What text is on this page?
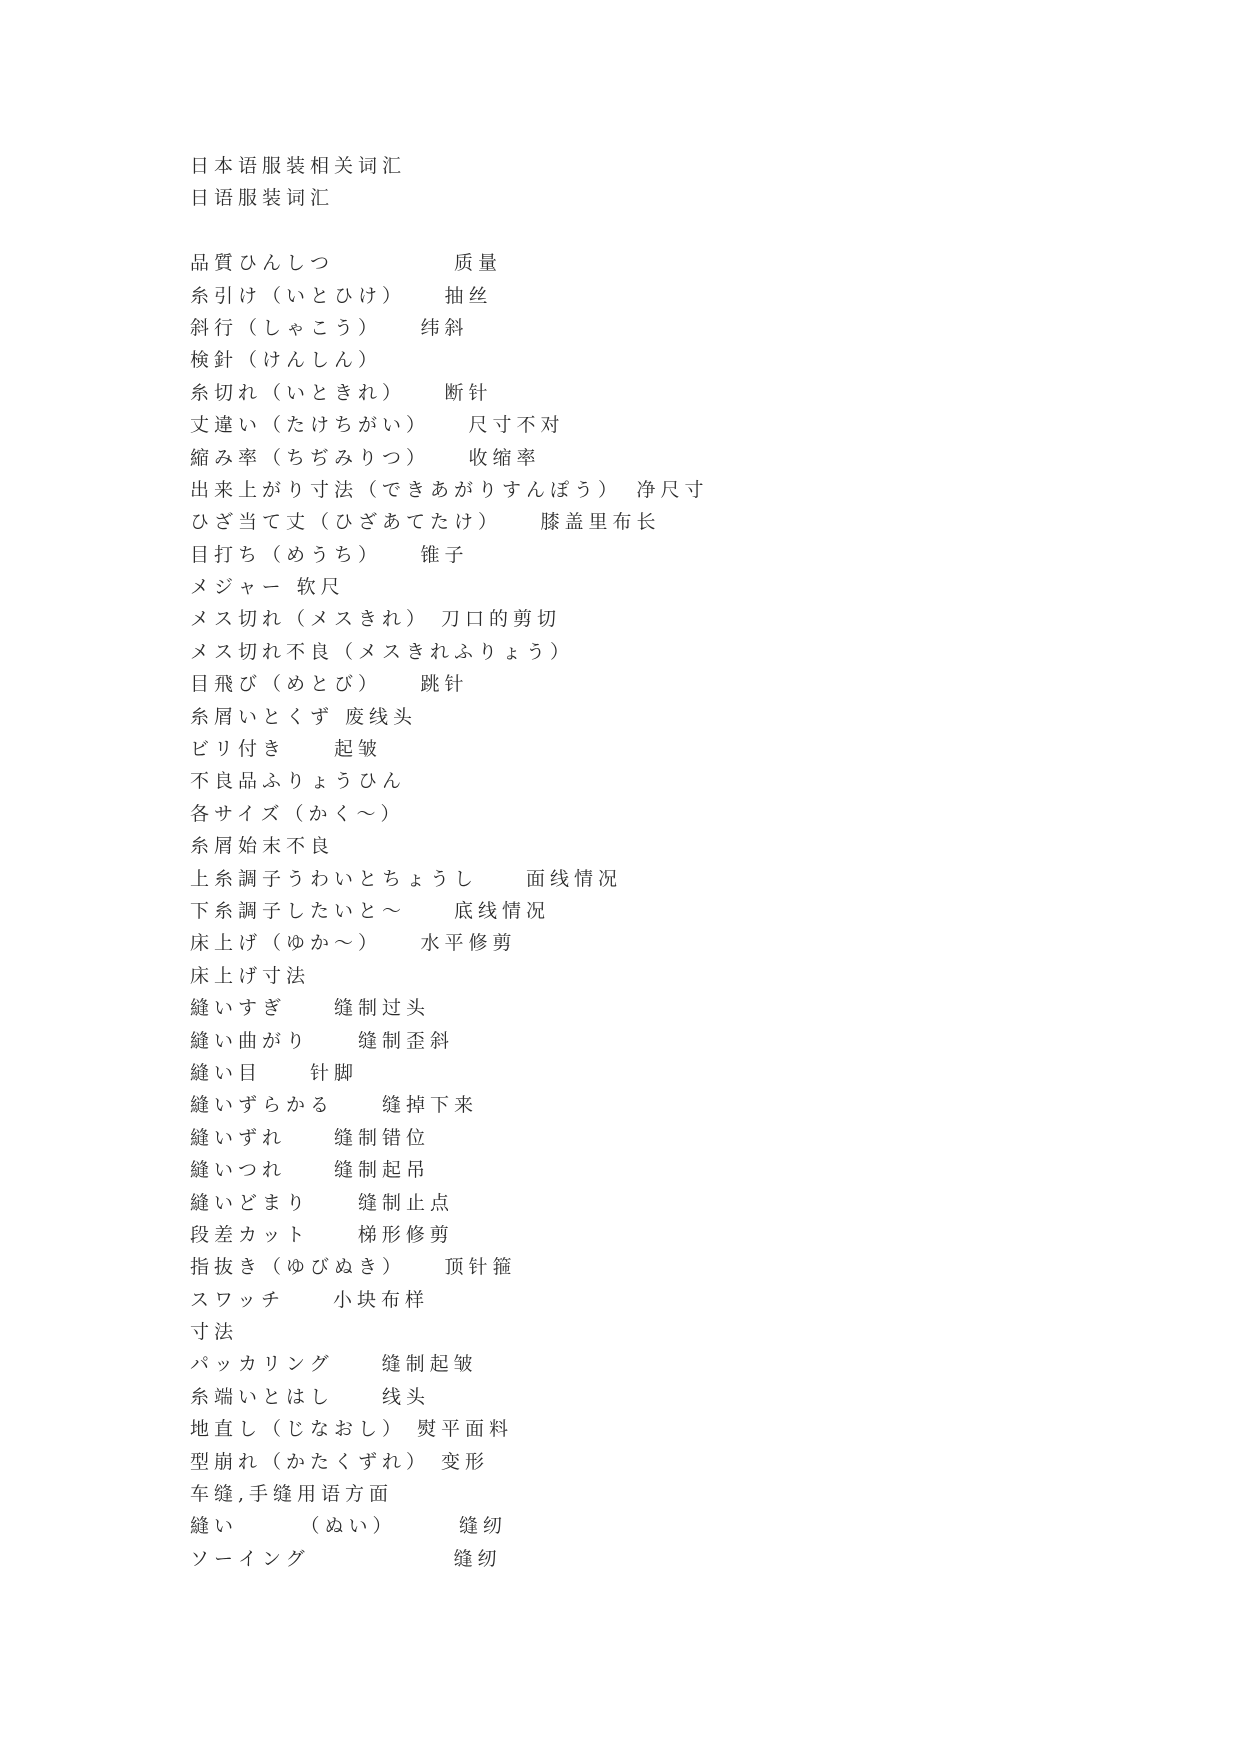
日本语服装相关词汇
日语服装词汇
品質ひんしつ　　　　　质量
糸引け（いとひけ）　　抽丝
斜行（しゃこう）　　纬斜
検針（けんしん）
糸切れ（いときれ）　　断针
丈違い（たけちがい）　　尺寸不对
縮み率（ちぢみりつ）　　收缩率
出来上がり寸法（できあがりすんぽう）　净尺寸
ひざ当て丈（ひざあてたけ）　　膝盖里布长
目打ち（めうち）　　锥子
メジャー 软尺
メス切れ（メスきれ） 刀口的剪切
メス切れ不良（メスきれふりょう）
目飛び（めとび）　　跳针
糸屑いとくず 废线头
ビリ付き　　起皱
不良品ふりょうひん
各サイズ（かく～）
糸屑始末不良
上糸調子うわいとちょうし　　面线情况
下糸調子したいと～　　底线情况
床上げ（ゆか～）　　水平修剪
床上げ寸法
縫いすぎ　　缝制过头
縫い曲がり　　缝制歪斜
縫い目　　针脚
縫いずらかる　　缝掉下来
縫いずれ　　缝制错位
縫いつれ　　缝制起吊
縫いどまり　　缝制止点
段差カット　　梯形修剪
指抜き（ゆびぬき）　　顶针箍
スワッチ　　小块布样
寸法
パッカリング　　缝制起皱
糸端いとはし　　线头
地直し（じなおし） 熨平面料
型崩れ（かたくずれ） 变形
车缝,手缝用语方面
縫い　　　（ぬい）　　　缝纫
ソーイング　　　　　　缝纫
